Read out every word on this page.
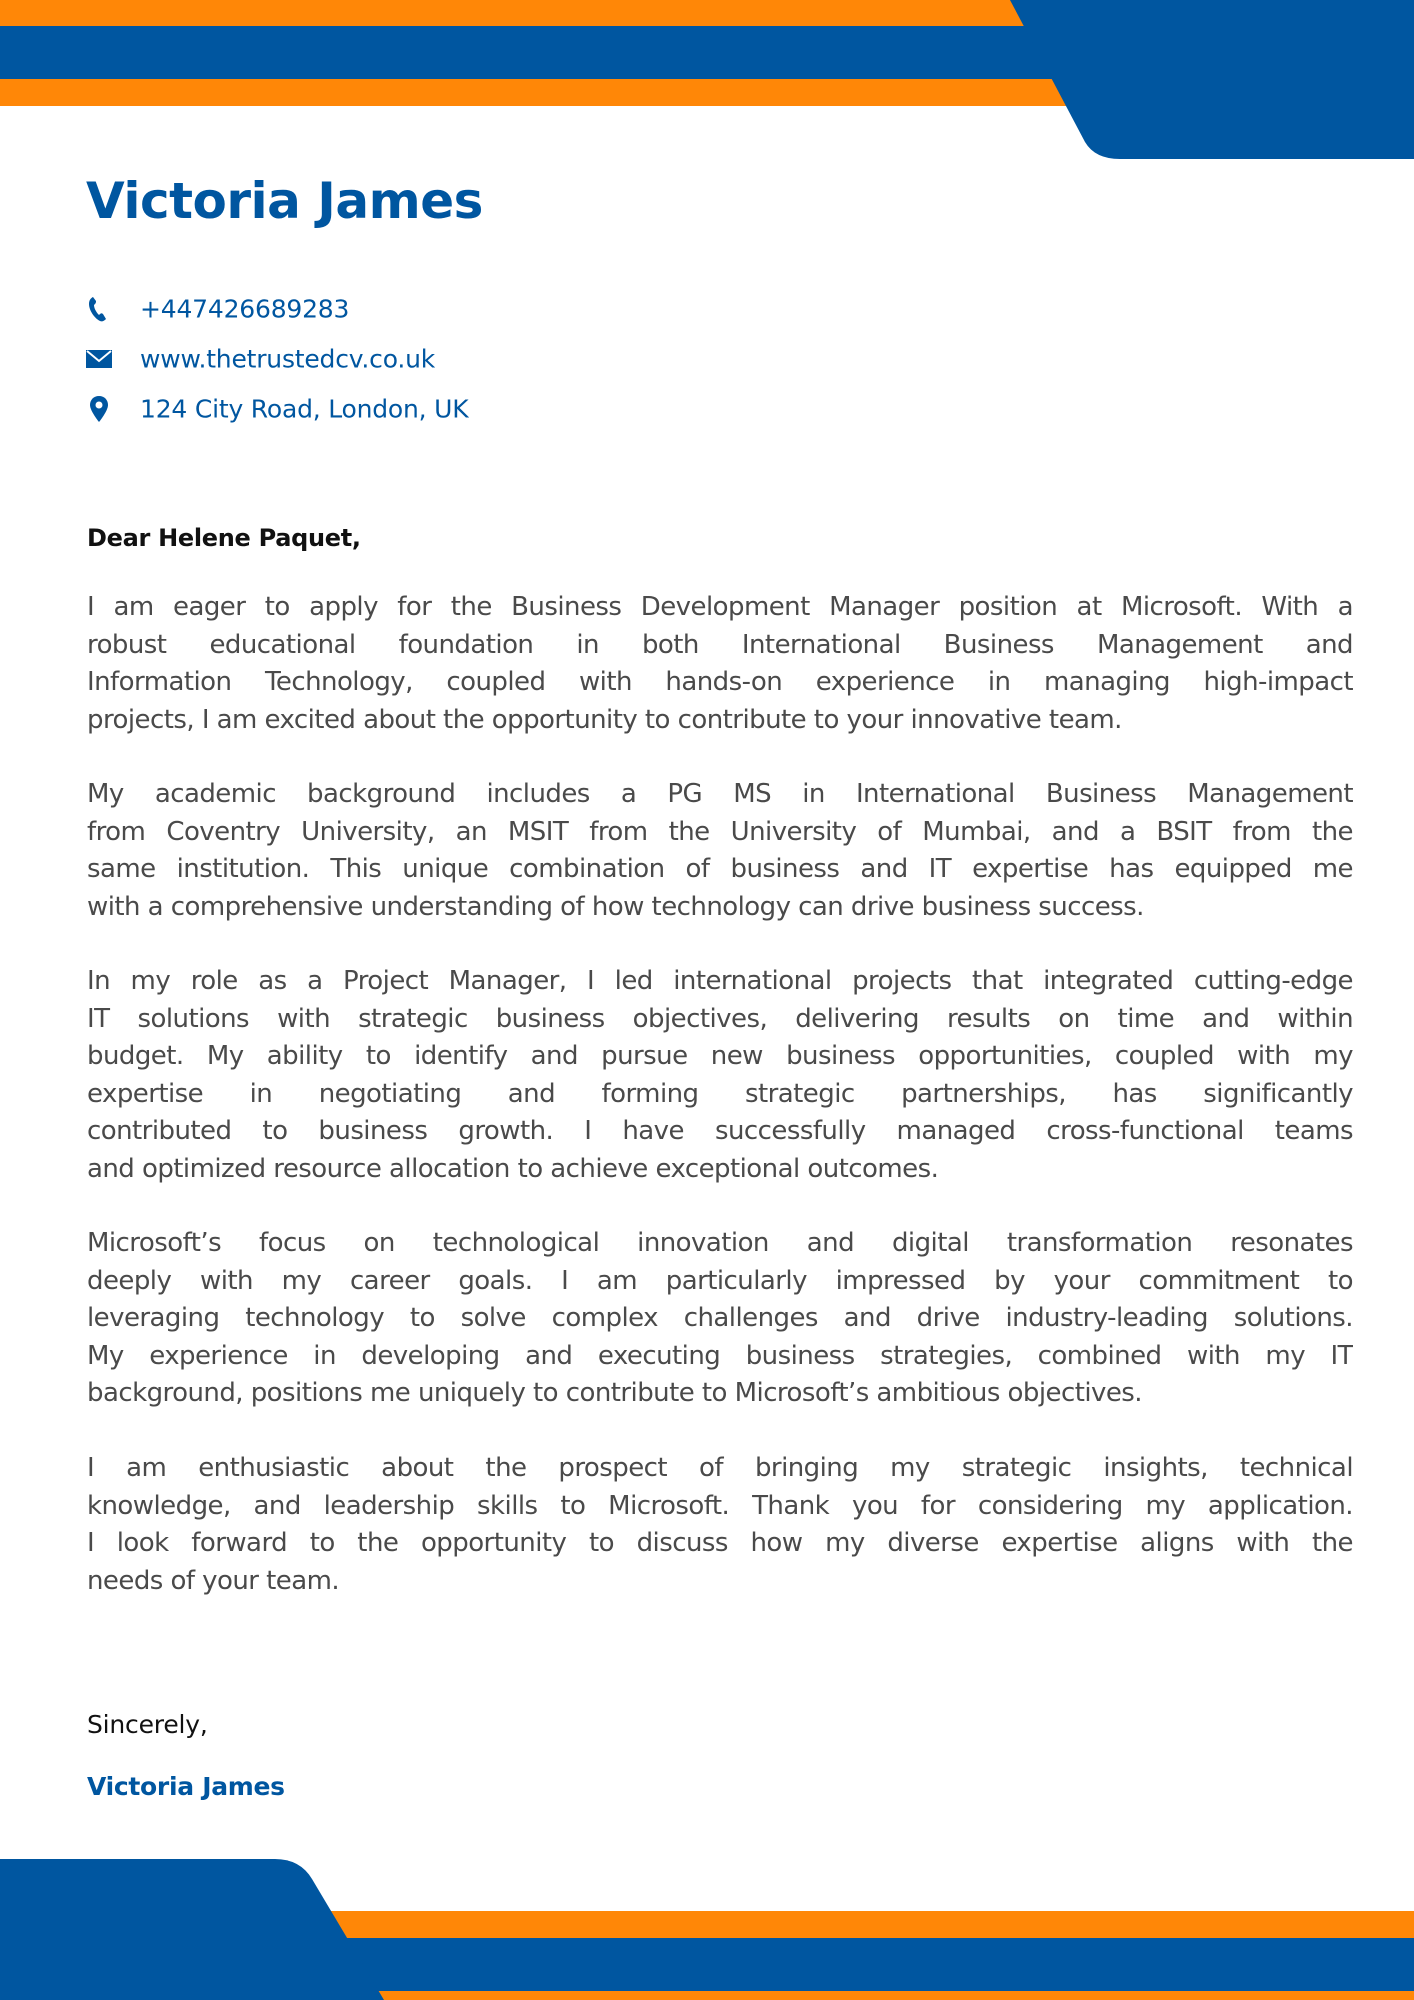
Victoria James
+447426689283
www.thetrustedcv.co.uk
124 City Road, London, UK

Dear Helene Paquet,

I am eager to apply for the Business Development Manager position at Microsoft. With a
robust educational foundation in both International Business Management and
Information Technology, coupled with hands-on experience in managing high-impact
projects, I am excited about the opportunity to contribute to your innovative team.

My academic background includes a PG MS in International Business Management
from Coventry University, an MSIT from the University of Mumbai, and a BSIT from the
same institution. This unique combination of business and IT expertise has equipped me
with a comprehensive understanding of how technology can drive business success.

In my role as a Project Manager, I led international projects that integrated cutting-edge
IT solutions with strategic business objectives, delivering results on time and within
budget. My ability to identify and pursue new business opportunities, coupled with my
expertise in negotiating and forming strategic partnerships, has significantly
contributed to business growth. I have successfully managed cross-functional teams
and optimized resource allocation to achieve exceptional outcomes.

Microsoft’s focus on technological innovation and digital transformation resonates
deeply with my career goals. I am particularly impressed by your commitment to
leveraging technology to solve complex challenges and drive industry-leading solutions.
My experience in developing and executing business strategies, combined with my IT
background, positions me uniquely to contribute to Microsoft’s ambitious objectives.

I am enthusiastic about the prospect of bringing my strategic insights, technical
knowledge, and leadership skills to Microsoft. Thank you for considering my application.
I look forward to the opportunity to discuss how my diverse expertise aligns with the
needs of your team.

Sincerely,

Victoria James
